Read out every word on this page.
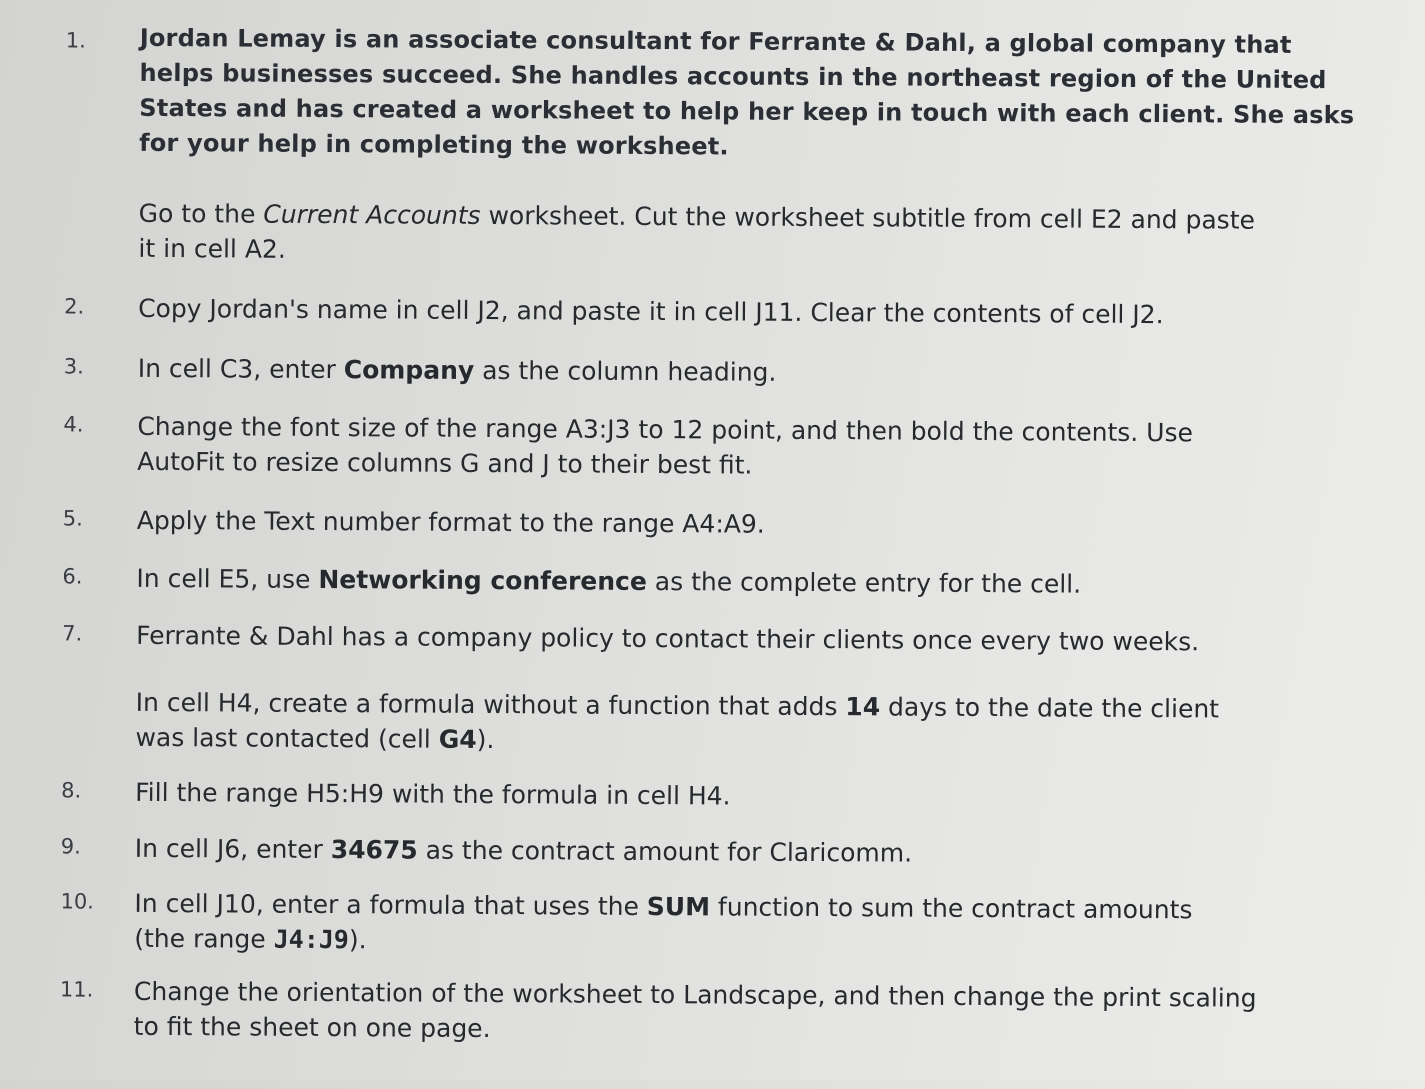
1. Jordan Lemay is an associate consultant for Ferrante & Dahl, a global company that
helps businesses succeed. She handles accounts in the northeast region of the United
States and has created a worksheet to help her keep in touch with each client. She asks
for your help in completing the worksheet.
Go to the Current Accounts worksheet. Cut the worksheet subtitle from cell E2 and paste
it in cell A2.
2. Copy Jordan's name in cell J2, and paste it in cell J11. Clear the contents of cell J2.
3. In cell C3, enter Company as the column heading.
4. Change the font size of the range A3:J3 to 12 point, and then bold the contents. Use
AutoFit to resize columns G and J to their best fit.
5. Apply the Text number format to the range A4:A9.
6. In cell E5, use Networking conference as the complete entry for the cell.
7. Ferrante & Dahl has a company policy to contact their clients once every two weeks.
In cell H4, create a formula without a function that adds 14 days to the date the client
was last contacted (cell G4).
8. Fill the range H5:H9 with the formula in cell H4.
9. In cell J6, enter 34675 as the contract amount for Claricomm.
10. In cell J10, enter a formula that uses the SUM function to sum the contract amounts
(the range J4:J9).
11. Change the orientation of the worksheet to Landscape, and then change the print scaling
to fit the sheet on one page.
